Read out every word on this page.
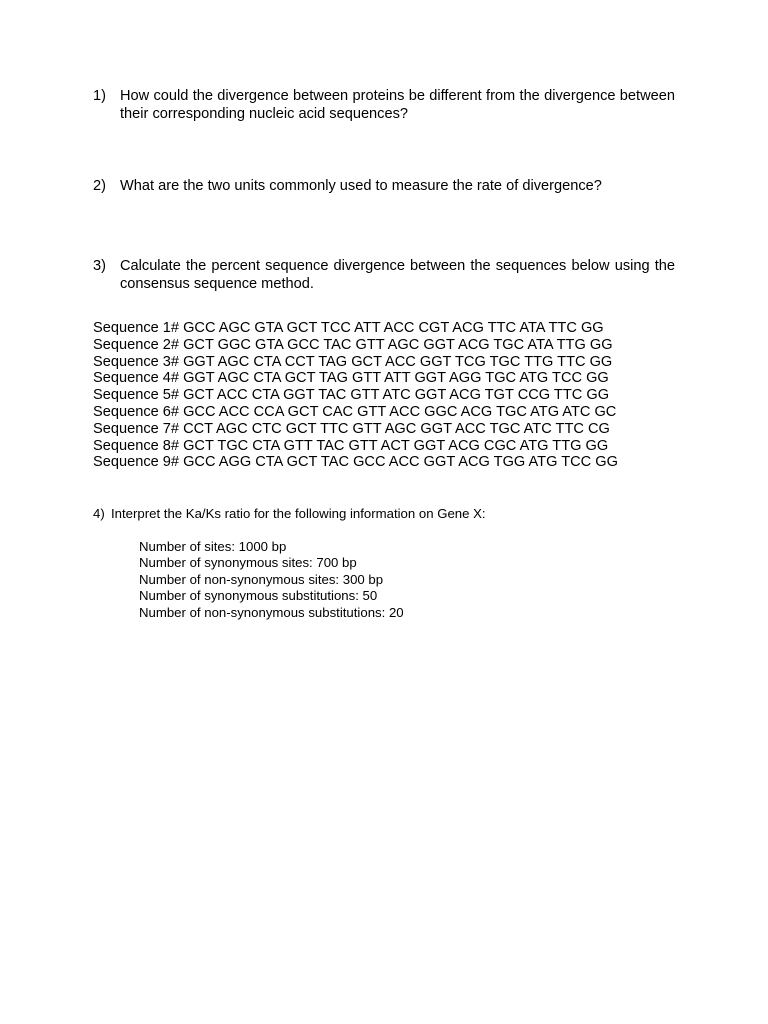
1) How could the divergence between proteins be different from the divergence between their corresponding nucleic acid sequences?
2) What are the two units commonly used to measure the rate of divergence?
3) Calculate the percent sequence divergence between the sequences below using the consensus sequence method.
Sequence 1# GCC AGC GTA GCT TCC ATT ACC CGT ACG TTC ATA TTC GG
Sequence 2# GCT GGC GTA GCC TAC GTT AGC GGT ACG TGC ATA TTG GG
Sequence 3# GGT AGC CTA CCT TAG GCT ACC GGT TCG TGC TTG TTC GG
Sequence 4# GGT AGC CTA GCT TAG GTT ATT GGT AGG TGC ATG TCC GG
Sequence 5# GCT ACC CTA GGT TAC GTT ATC GGT ACG TGT CCG TTC GG
Sequence 6# GCC ACC CCA GCT CAC GTT ACC GGC ACG TGC ATG ATC GC
Sequence 7# CCT AGC CTC GCT TTC GTT AGC GGT ACC TGC ATC TTC CG
Sequence 8# GCT TGC CTA GTT TAC GTT ACT GGT ACG CGC ATG TTG GG
Sequence 9# GCC AGG CTA GCT TAC GCC ACC GGT ACG TGG ATG TCC GG
4) Interpret the Ka/Ks ratio for the following information on Gene X:
Number of sites: 1000 bp
Number of synonymous sites: 700 bp
Number of non-synonymous sites: 300 bp
Number of synonymous substitutions: 50
Number of non-synonymous substitutions: 20
